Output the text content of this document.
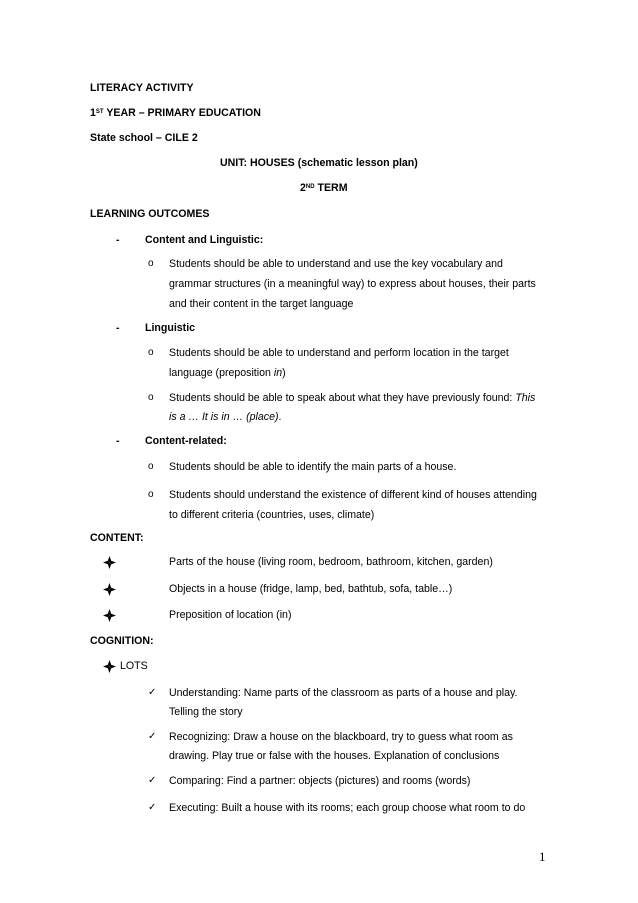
LITERACY ACTIVITY
1ST YEAR – PRIMARY EDUCATION
State school – CILE 2
UNIT: HOUSES (schematic lesson plan)
2ND TERM
LEARNING OUTCOMES
- Content and Linguistic:
o Students should be able to understand and use the key vocabulary and
grammar structures (in a meaningful way) to express about houses, their parts
and their content in the target language
- Linguistic
o Students should be able to understand and perform location in the target
language (preposition in)
o Students should be able to speak about what they have previously found: This
is a … It is in … (place).
- Content-related:
o Students should be able to identify the main parts of a house.
o Students should understand the existence of different kind of houses attending
to different criteria (countries, uses, climate)
CONTENT:
Parts of the house (living room, bedroom, bathroom, kitchen, garden)
Objects in a house (fridge, lamp, bed, bathtub, sofa, table…)
Preposition of location (in)
COGNITION:
LOTS
✓ Understanding: Name parts of the classroom as parts of a house and play.
Telling the story
✓ Recognizing: Draw a house on the blackboard, try to guess what room as
drawing. Play true or false with the houses. Explanation of conclusions
✓ Comparing: Find a partner: objects (pictures) and rooms (words)
✓ Executing: Built a house with its rooms; each group choose what room to do
1
